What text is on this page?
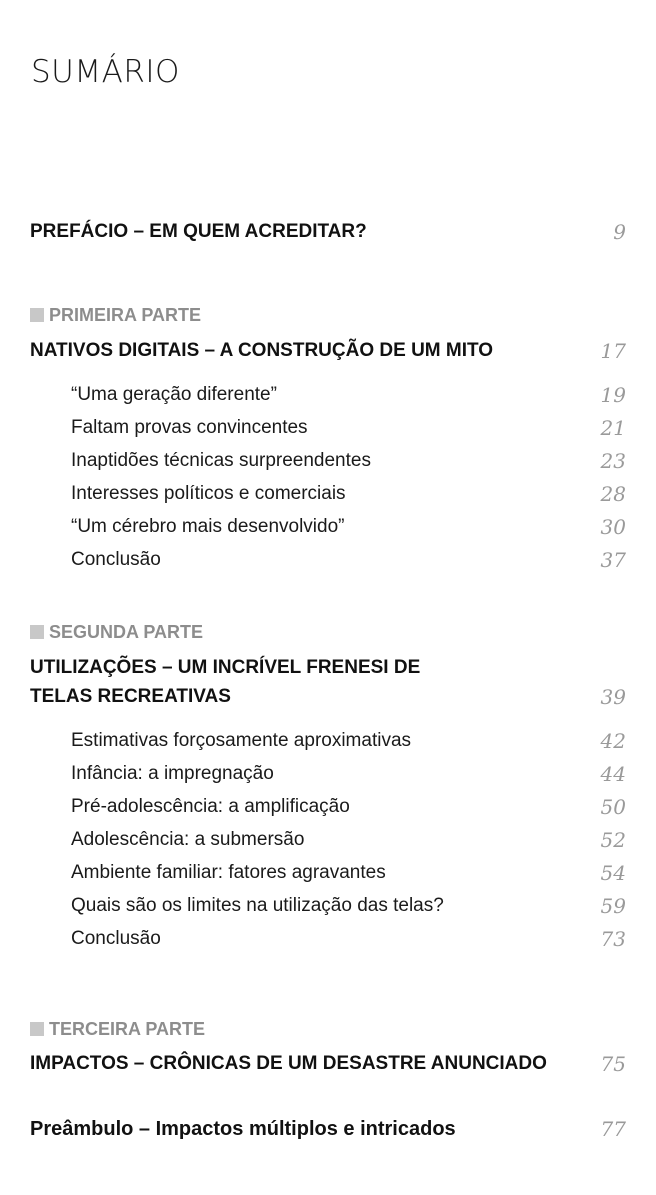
SUMÁRIO
PREFÁCIO – EM QUEM ACREDITAR?	9
PRIMEIRA PARTE
NATIVOS DIGITAIS – A CONSTRUÇÃO DE UM MITO	17
“Uma geração diferente”	19
Faltam provas convincentes	21
Inaptidões técnicas surpreendentes	23
Interesses políticos e comerciais	28
“Um cérebro mais desenvolvido”	30
Conclusão	37
SEGUNDA PARTE
UTILIZAÇÕES – UM INCRÍVEL FRENESI DE
TELAS RECREATIVAS	39
Estimativas forçosamente aproximativas	42
Infância: a impregnação	44
Pré-adolescência: a amplificação	50
Adolescência: a submersão	52
Ambiente familiar: fatores agravantes	54
Quais são os limites na utilização das telas?	59
Conclusão	73
TERCEIRA PARTE
IMPACTOS – CRÔNICAS DE UM DESASTRE ANUNCIADO	75
Preâmbulo – Impactos múltiplos e intricados	77
